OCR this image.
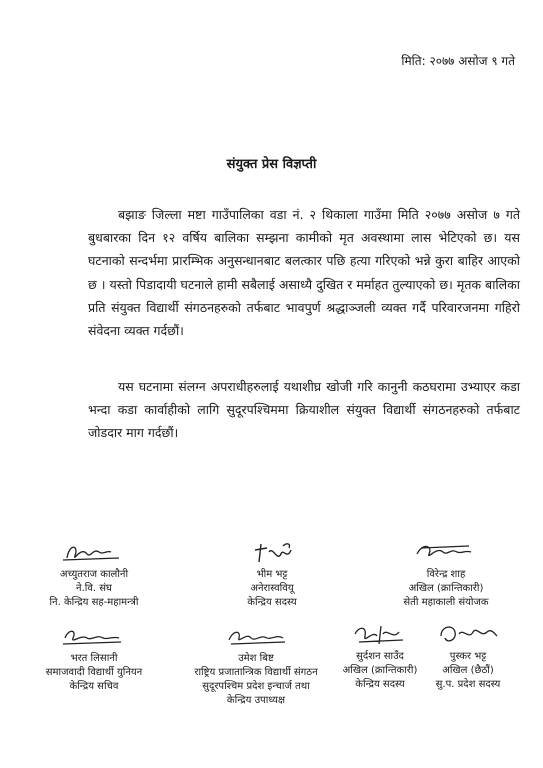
मिति: २०७७ असोज ९ गते
संयुक्त प्रेस विज्ञप्ती

बझाङ जिल्ला मष्टा गाउँपालिका वडा नं. २ थिकाला गाउँमा मिति २०७७ असोज ७ गते बुधबारका दिन १२ वर्षिय बालिका सम्झना कामीको मृत अवस्थामा लास भेटिएको छ। यस घटनाको सन्दर्भमा प्रारम्भिक अनुसन्धानबाट बलत्कार पछि हत्या गरिएको भन्ने कुरा बाहिर आएको छ । यस्तो पिडादायी घटनाले हामी सबैलाई असाध्यै दुखित र मर्माहत तुल्याएको छ। मृतक बालिका प्रति संयुक्त विद्यार्थी संगठनहरुको तर्फबाट भावपुर्ण श्रद्धाञ्जली व्यक्त गर्दै परिवारजनमा गहिरो संवेदना व्यक्त गर्दछौं।

यस घटनामा संलग्न अपराधीहरुलाई यथाशीघ्र खोजी गरि कानुनी कठघरामा उभ्याएर कडा भन्दा कडा कार्वाहीको लागि सुदूरपश्चिममा क्रियाशील संयुक्त विद्यार्थी संगठनहरुको तर्फबाट जोडदार माग गर्दछौं।

अच्युतराज कालौनी
ने.वि. संघ
नि. केन्द्रिय सह-महामन्त्री
भीम भट्ट
अनेरास्ववियू
केन्द्रिय सदस्य
विरेन्द्र शाह
अखिल (क्रान्तिकारी)
सेती महाकाली संयोजक
भरत लिसानी
समाजवादी विद्यार्थी युनियन
केन्द्रिय सचिव
उमेश बिष्ट
राष्ट्रिय प्रजातान्त्रिक विद्यार्थी संगठन
सुदूरपश्चिम प्रदेश इन्चार्ज तथा
केन्द्रिय उपाध्यक्ष
सुर्दशन साउँद
अखिल (क्रान्तिकारी)
केन्द्रिय सदस्य
पुस्कर भट्ट
अखिल (छैठौं)
सु.प. प्रदेश सदस्य
